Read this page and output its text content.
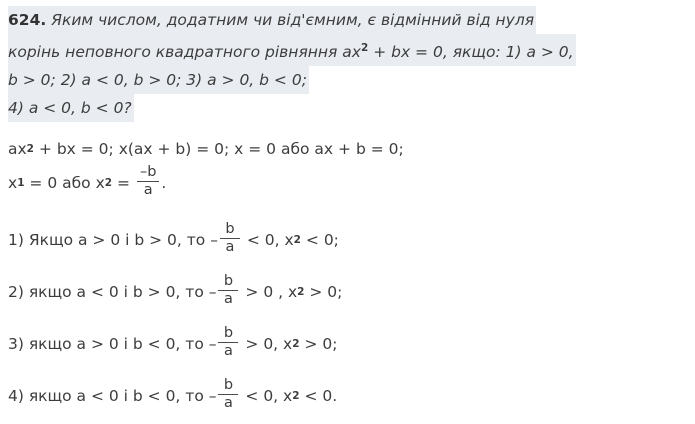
624. Яким числом, додатним чи від'ємним, є відмінний від нуля
корінь неповного квадратного рівняння $ax^2$ + bx = 0, якщо: 1) a > 0,
b > 0; 2) a < 0, b > 0; 3) a > 0, b < 0;
4) a < 0, b < 0?
ax 2 + bx = 0; x(ax + b) = 0; x = 0 або ax + b = 0;
x 1 = 0 або x $2 = \frac{-b}{a}$ .
1) Якщо a > 0 і b > 0, то – $\frac{b}{a} < 0$, x 2 < 0;
2) якщо a < 0 і b > 0, то – $\frac{b}{a} > 0$ , x 2 > 0;
3) якщо a > 0 і b < 0, то – $\frac{b}{a} > 0$, x 2 > 0;
4) якщо a < 0 і b < 0, то – $\frac{b}{a} < 0$, x 2 < 0.
